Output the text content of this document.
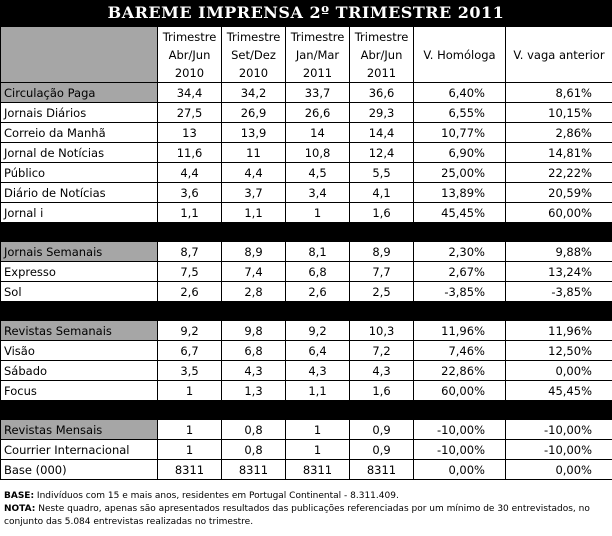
BAREME IMPRENSA 2º TRIMESTRE 2011
	Trimestre
Abr/Jun
2010	Trimestre
Set/Dez
2010	Trimestre
Jan/Mar
2011	Trimestre
Abr/Jun
2011	V. Homóloga	V. vaga anterior
Circulação Paga	34,4	34,2	33,7	36,6	6,40%	8,61%
Jornais Diários	27,5	26,9	26,6	29,3	6,55%	10,15%
Correio da Manhã	13	13,9	14	14,4	10,77%	2,86%
Jornal de Notícias	11,6	11	10,8	12,4	6,90%	14,81%
Público	4,4	4,4	4,5	5,5	25,00%	22,22%
Diário de Notícias	3,6	3,7	3,4	4,1	13,89%	20,59%
Jornal i	1,1	1,1	1	1,6	45,45%	60,00%

Jornais Semanais	8,7	8,9	8,1	8,9	2,30%	9,88%
Expresso	7,5	7,4	6,8	7,7	2,67%	13,24%
Sol	2,6	2,8	2,6	2,5	-3,85%	-3,85%

Revistas Semanais	9,2	9,8	9,2	10,3	11,96%	11,96%
Visão	6,7	6,8	6,4	7,2	7,46%	12,50%
Sábado	3,5	4,3	4,3	4,3	22,86%	0,00%
Focus	1	1,3	1,1	1,6	60,00%	45,45%

Revistas Mensais	1	0,8	1	0,9	-10,00%	-10,00%
Courrier Internacional	1	0,8	1	0,9	-10,00%	-10,00%
Base (000)	8311	8311	8311	8311	0,00%	0,00%
BASE: Indivíduos com 15 e mais anos, residentes em Portugal Continental - 8.311.409.
NOTA: Neste quadro, apenas são apresentados resultados das publicações referenciadas por um mínimo de 30 entrevistados, no conjunto das 5.084 entrevistas realizadas no trimestre.
